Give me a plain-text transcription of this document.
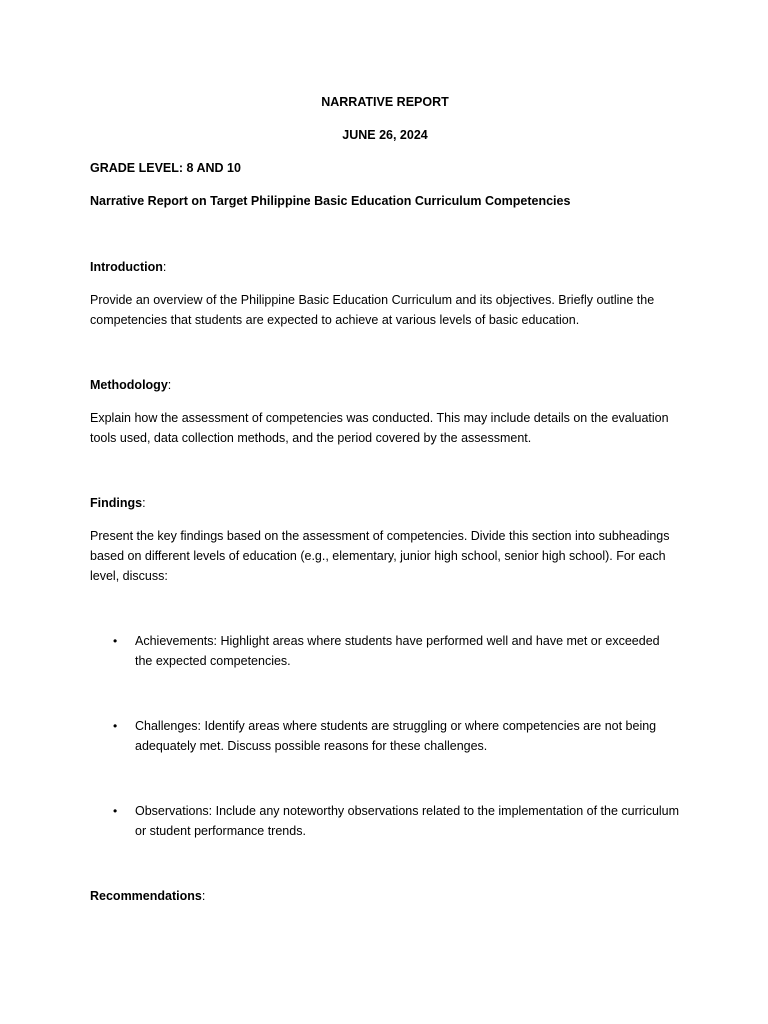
NARRATIVE REPORT

JUNE 26, 2024

GRADE LEVEL: 8 AND 10

Narrative Report on Target Philippine Basic Education Curriculum Competencies

Introduction:

Provide an overview of the Philippine Basic Education Curriculum and its objectives. Briefly outline the competencies that students are expected to achieve at various levels of basic education.

Methodology:

Explain how the assessment of competencies was conducted. This may include details on the evaluation tools used, data collection methods, and the period covered by the assessment.

Findings:

Present the key findings based on the assessment of competencies. Divide this section into subheadings based on different levels of education (e.g., elementary, junior high school, senior high school). For each level, discuss:

• Achievements: Highlight areas where students have performed well and have met or exceeded the expected competencies.
• Challenges: Identify areas where students are struggling or where competencies are not being adequately met. Discuss possible reasons for these challenges.
• Observations: Include any noteworthy observations related to the implementation of the curriculum or student performance trends.

Recommendations:
